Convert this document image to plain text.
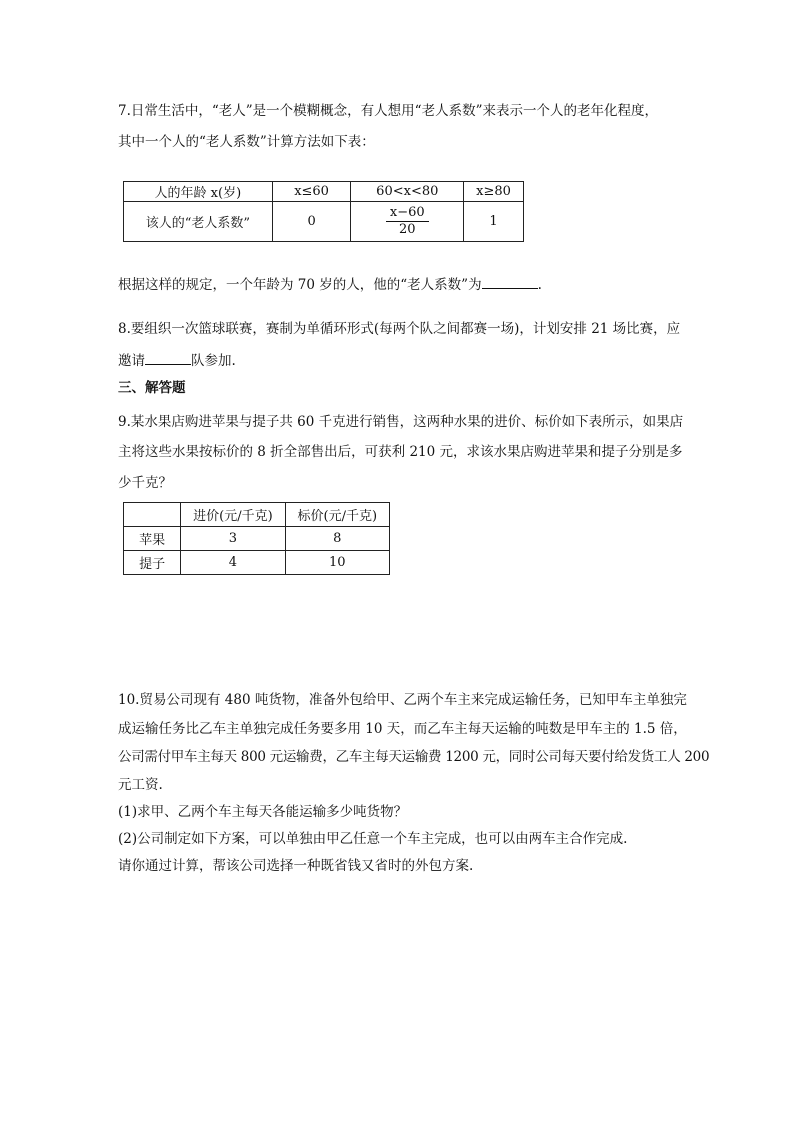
7.日常生活中，“老人”是一个模糊概念，有人想用“老人系数”来表示一个人的老年化程度，
其中一个人的“老人系数”计算方法如下表：
人的年龄 x(岁)	x≤60	60<x<80	x≥80
该人的“老人系数”	0	$\frac{x-60}{20}$	1
根据这样的规定，一个年龄为 70 岁的人，他的“老人系数”为	.
8.要组织一次篮球联赛，赛制为单循环形式(每两个队之间都赛一场)，计划安排 21 场比赛，应
邀请	队参加.
三、解答题
9.某水果店购进苹果与提子共 60 千克进行销售，这两种水果的进价、标价如下表所示，如果店
主将这些水果按标价的 8 折全部售出后，可获利 210 元，求该水果店购进苹果和提子分别是多
少千克？
	进价(元/千克)	标价(元/千克)
苹果	3	8
提子	4	10
10.贸易公司现有 480 吨货物，准备外包给甲、乙两个车主来完成运输任务，已知甲车主单独完
成运输任务比乙车主单独完成任务要多用 10 天，而乙车主每天运输的吨数是甲车主的 1.5 倍，
公司需付甲车主每天 800 元运输费，乙车主每天运输费 1200 元，同时公司每天要付给发货工人 200
元工资.
(1)求甲、乙两个车主每天各能运输多少吨货物？
(2)公司制定如下方案，可以单独由甲乙任意一个车主完成，也可以由两车主合作完成.
请你通过计算，帮该公司选择一种既省钱又省时的外包方案.
